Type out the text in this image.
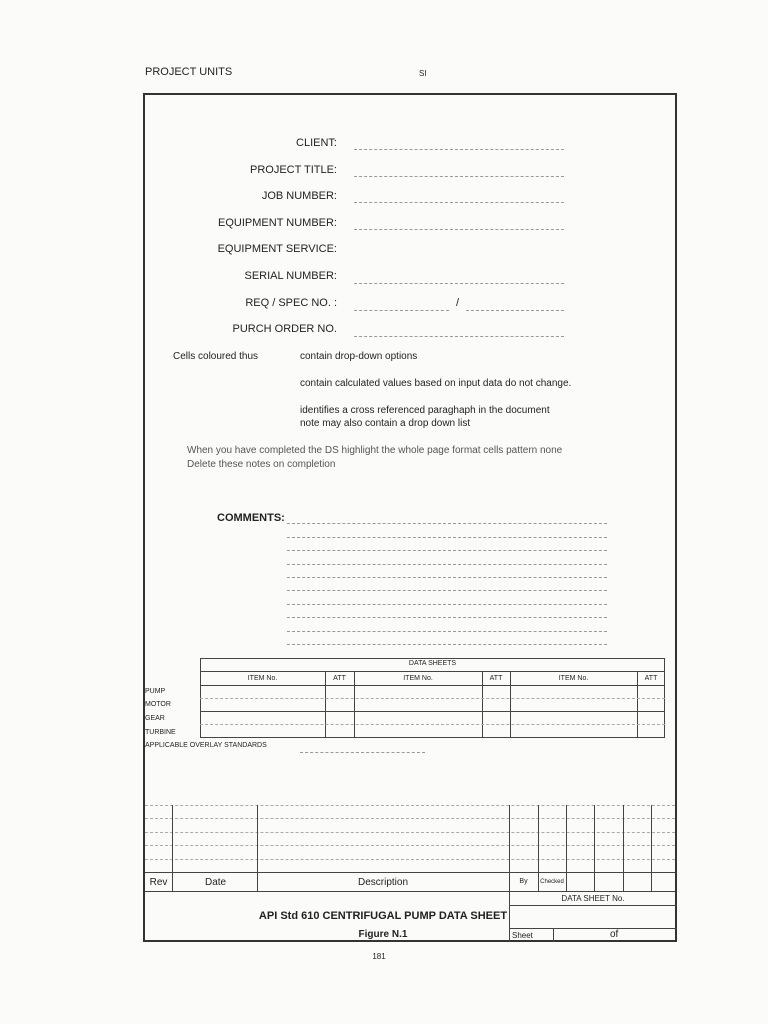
PROJECT UNITS	SI
CLIENT:
PROJECT TITLE:
JOB NUMBER:
EQUIPMENT NUMBER:
EQUIPMENT SERVICE:
SERIAL NUMBER:
REQ / SPEC NO. :	/
PURCH ORDER NO.
Cells coloured thus	contain drop-down options
contain calculated values based on input data do not change.
identifies a cross referenced paraghaph in the document
note may also contain a drop down list
When you have completed the DS highlight the whole page format cells pattern none
Delete these notes on completion
COMMENTS:
DATA SHEETS
ITEM No.	ATT	ITEM No.	ATT	ITEM No.	ATT
PUMP
MOTOR
GEAR
TURBINE
APPLICABLE OVERLAY STANDARDS
Rev	Date	Description	By	Checked
DATA SHEET No.
API Std 610 CENTRIFUGAL PUMP DATA SHEET
Figure N.1	Sheet	of
181
